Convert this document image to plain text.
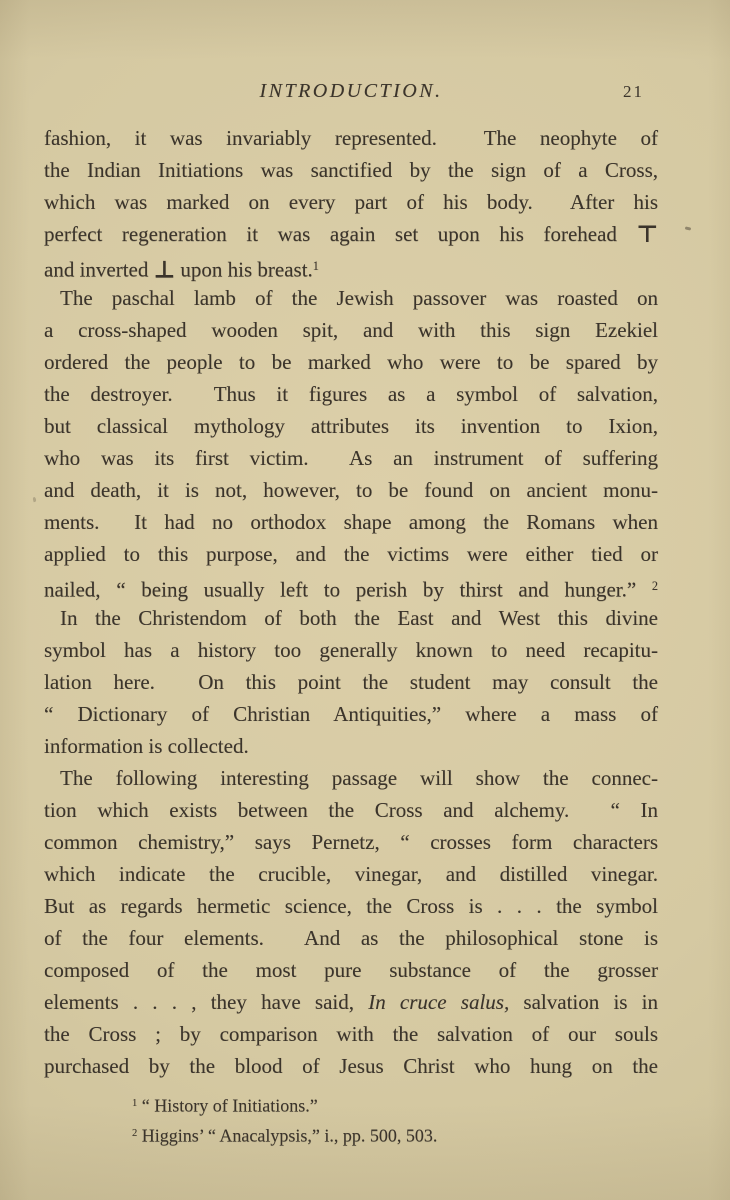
INTRODUCTION.	21
fashion, it was invariably represented.  The neophyte of
the Indian Initiations was sanctified by the sign of a Cross,
which was marked on every part of his body.  After his
perfect regeneration it was again set upon his forehead ⊤
and inverted ⊥ upon his breast.$^1$
The paschal lamb of the Jewish passover was roasted on
a cross-shaped wooden spit, and with this sign Ezekiel
ordered the people to be marked who were to be spared by
the destroyer.  Thus it figures as a symbol of salvation,
but classical mythology attributes its invention to Ixion,
who was its first victim.  As an instrument of suffering
and death, it is not, however, to be found on ancient monu-
ments.  It had no orthodox shape among the Romans when
applied to this purpose, and the victims were either tied or
nailed, “ being usually left to perish by thirst and hunger.” $^2$
In the Christendom of both the East and West this divine
symbol has a history too generally known to need recapitu-
lation here.  On this point the student may consult the
“ Dictionary of Christian Antiquities,” where a mass of
information is collected.
The following interesting passage will show the connec-
tion which exists between the Cross and alchemy.  “ In
common chemistry,” says Pernetz, “ crosses form characters
which indicate the crucible, vinegar, and distilled vinegar.
But as regards hermetic science, the Cross is . . . the symbol
of the four elements.  And as the philosophical stone is
composed of the most pure substance of the grosser
elements . . . , they have said, In cruce salus, salvation is in
the Cross ; by comparison with the salvation of our souls
purchased by the blood of Jesus Christ who hung on the
$^1$ “ History of Initiations.”
$^2$ Higgins’ “ Anacalypsis,” i., pp. 500, 503.
